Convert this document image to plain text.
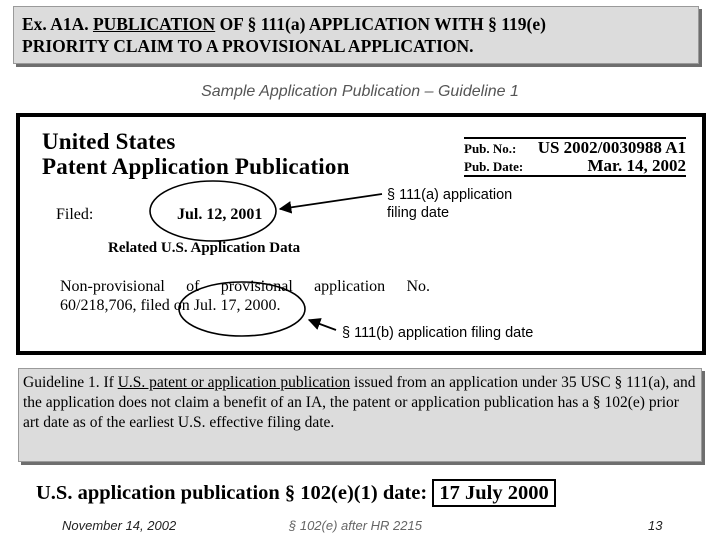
Ex. A1A. PUBLICATION OF § 111(a) APPLICATION WITH § 119(e)
PRIORITY CLAIM TO A PROVISIONAL APPLICATION.
Sample Application Publication – Guideline 1
United States
Patent Application Publication
Pub. No.:	US 2002/0030988 A1
Pub. Date:	Mar. 14, 2002
Filed:	Jul. 12, 2001
Related U.S. Application Data
Non-provisional of provisional application No.
60/218,706, filed on Jul. 17, 2000.
§ 111(a) application
filing date
§ 111(b) application filing date
Guideline 1. If U.S. patent or application publication issued from an application under 35 USC § 111(a), and the application does not claim a benefit of an IA, the patent or application publication has a § 102(e) prior art date as of the earliest U.S. effective filing date.
U.S. application publication § 102(e)(1) date: 17 July 2000
November 14, 2002	§ 102(e) after HR 2215	13
